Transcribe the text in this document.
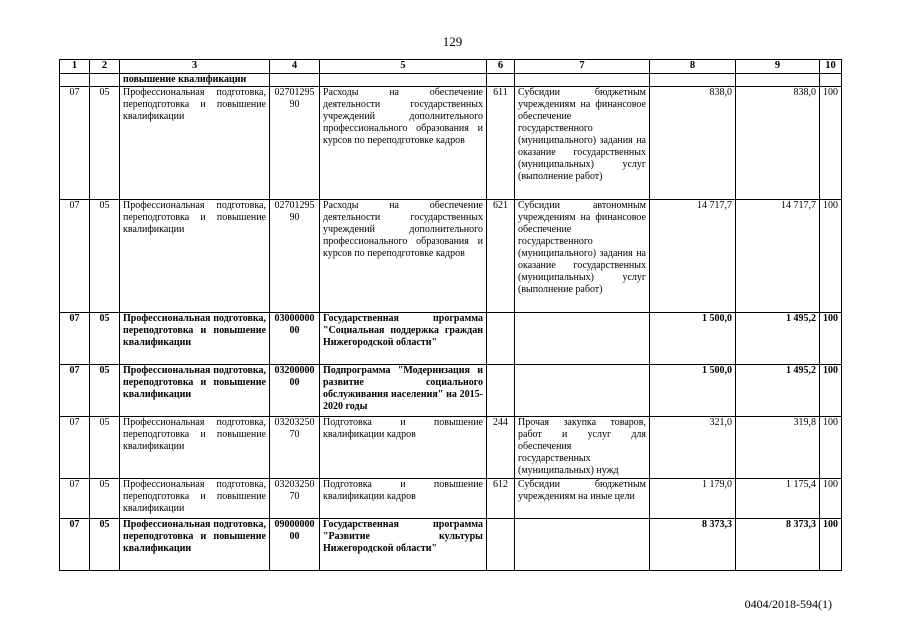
129
1	2	3	4	5	6	7	8	9	10
		повышение квалификации							
07	05	Профессиональная подготовка, переподготовка и повышение квалификации	0270129590	Расходы на обеспечение деятельности государственных учреждений дополнительного профессионального образования и курсов по переподготовке кадров	611	Субсидии бюджетным учреждениям на финансовое обеспечение государственного (муниципального) задания на оказание государственных (муниципальных) услуг (выполнение работ)	838,0	838,0	100
07	05	Профессиональная подготовка, переподготовка и повышение квалификации	0270129590	Расходы на обеспечение деятельности государственных учреждений дополнительного профессионального образования и курсов по переподготовке кадров	621	Субсидии автономным учреждениям на финансовое обеспечение государственного (муниципального) задания на оказание государственных (муниципальных) услуг (выполнение работ)	14 717,7	14 717,7	100
07	05	Профессиональная подготовка, переподготовка и повышение квалификации	0300000000	Государственная программа "Социальная поддержка граждан Нижегородской области"			1 500,0	1 495,2	100
07	05	Профессиональная подготовка, переподготовка и повышение квалификации	0320000000	Подпрограмма "Модернизация и развитие социального обслуживания населения" на 2015-2020 годы			1 500,0	1 495,2	100
07	05	Профессиональная подготовка, переподготовка и повышение квалификации	0320325070	Подготовка и повышение квалификации кадров	244	Прочая закупка товаров, работ и услуг для обеспечения государственных (муниципальных) нужд	321,0	319,8	100
07	05	Профессиональная подготовка, переподготовка и повышение квалификации	0320325070	Подготовка и повышение квалификации кадров	612	Субсидии бюджетным учреждениям на иные цели	1 179,0	1 175,4	100
07	05	Профессиональная подготовка, переподготовка и повышение квалификации	0900000000	Государственная программа "Развитие культуры Нижегородской области"			8 373,3	8 373,3	100
0404/2018-594(1)
